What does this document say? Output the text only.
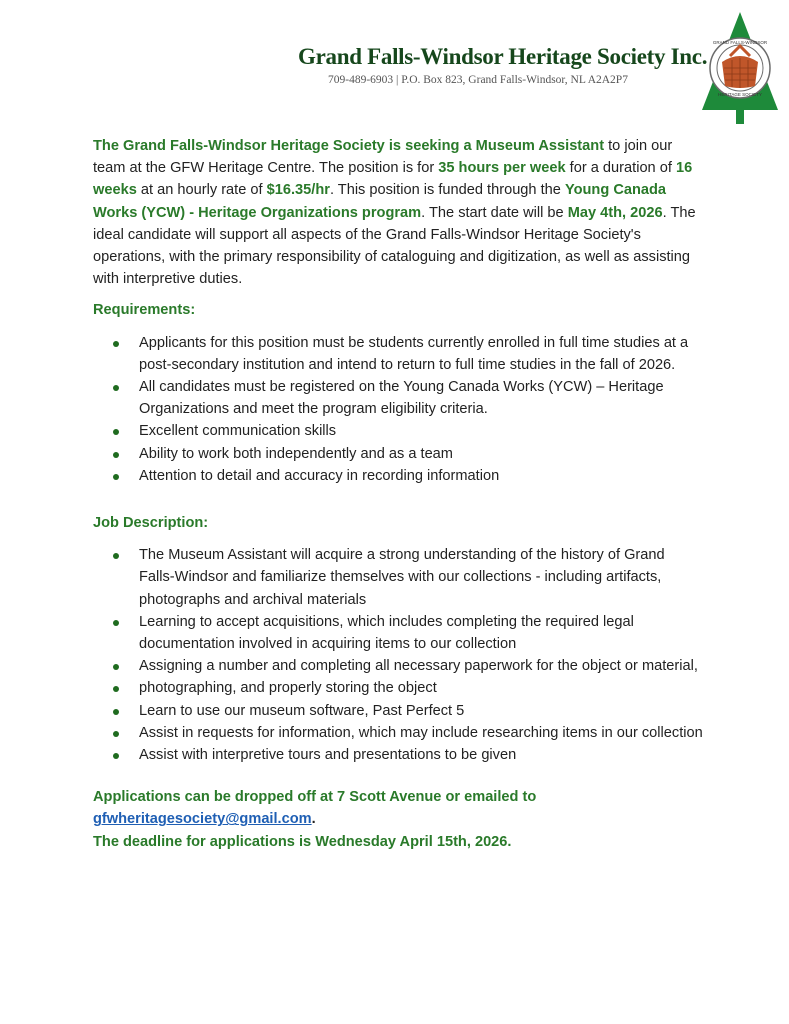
Grand Falls-Windsor Heritage Society Inc.
709-489-6903 | P.O. Box 823, Grand Falls-Windsor, NL A2A2P7
GRAND FALLS-WINDSOR
HERITAGE SOCIETY

The Grand Falls-Windsor Heritage Society is seeking a Museum Assistant to join our team at the GFW Heritage Centre. The position is for 35 hours per week for a duration of 16 weeks at an hourly rate of $16.35/hr. This position is funded through the Young Canada Works (YCW) - Heritage Organizations program. The start date will be May 4th, 2026. The ideal candidate will support all aspects of the Grand Falls-Windsor Heritage Society's operations, with the primary responsibility of cataloguing and digitization, as well as assisting with interpretive duties.

Requirements:
Applicants for this position must be students currently enrolled in full time studies at a post-secondary institution and intend to return to full time studies in the fall of 2026.
All candidates must be registered on the Young Canada Works (YCW) – Heritage Organizations and meet the program eligibility criteria.
Excellent communication skills
Ability to work both independently and as a team
Attention to detail and accuracy in recording information
Job Description:
The Museum Assistant will acquire a strong understanding of the history of Grand Falls-Windsor and familiarize themselves with our collections - including artifacts, photographs and archival materials
Learning to accept acquisitions, which includes completing the required legal documentation involved in acquiring items to our collection
Assigning a number and completing all necessary paperwork for the object or material,
photographing, and properly storing the object
Learn to use our museum software, Past Perfect 5
Assist in requests for information, which may include researching items in our collection
Assist with interpretive tours and presentations to be given
Applications can be dropped off at 7 Scott Avenue or emailed to
gfwheritagesociety@gmail.com.
The deadline for applications is Wednesday April 15th, 2026.
